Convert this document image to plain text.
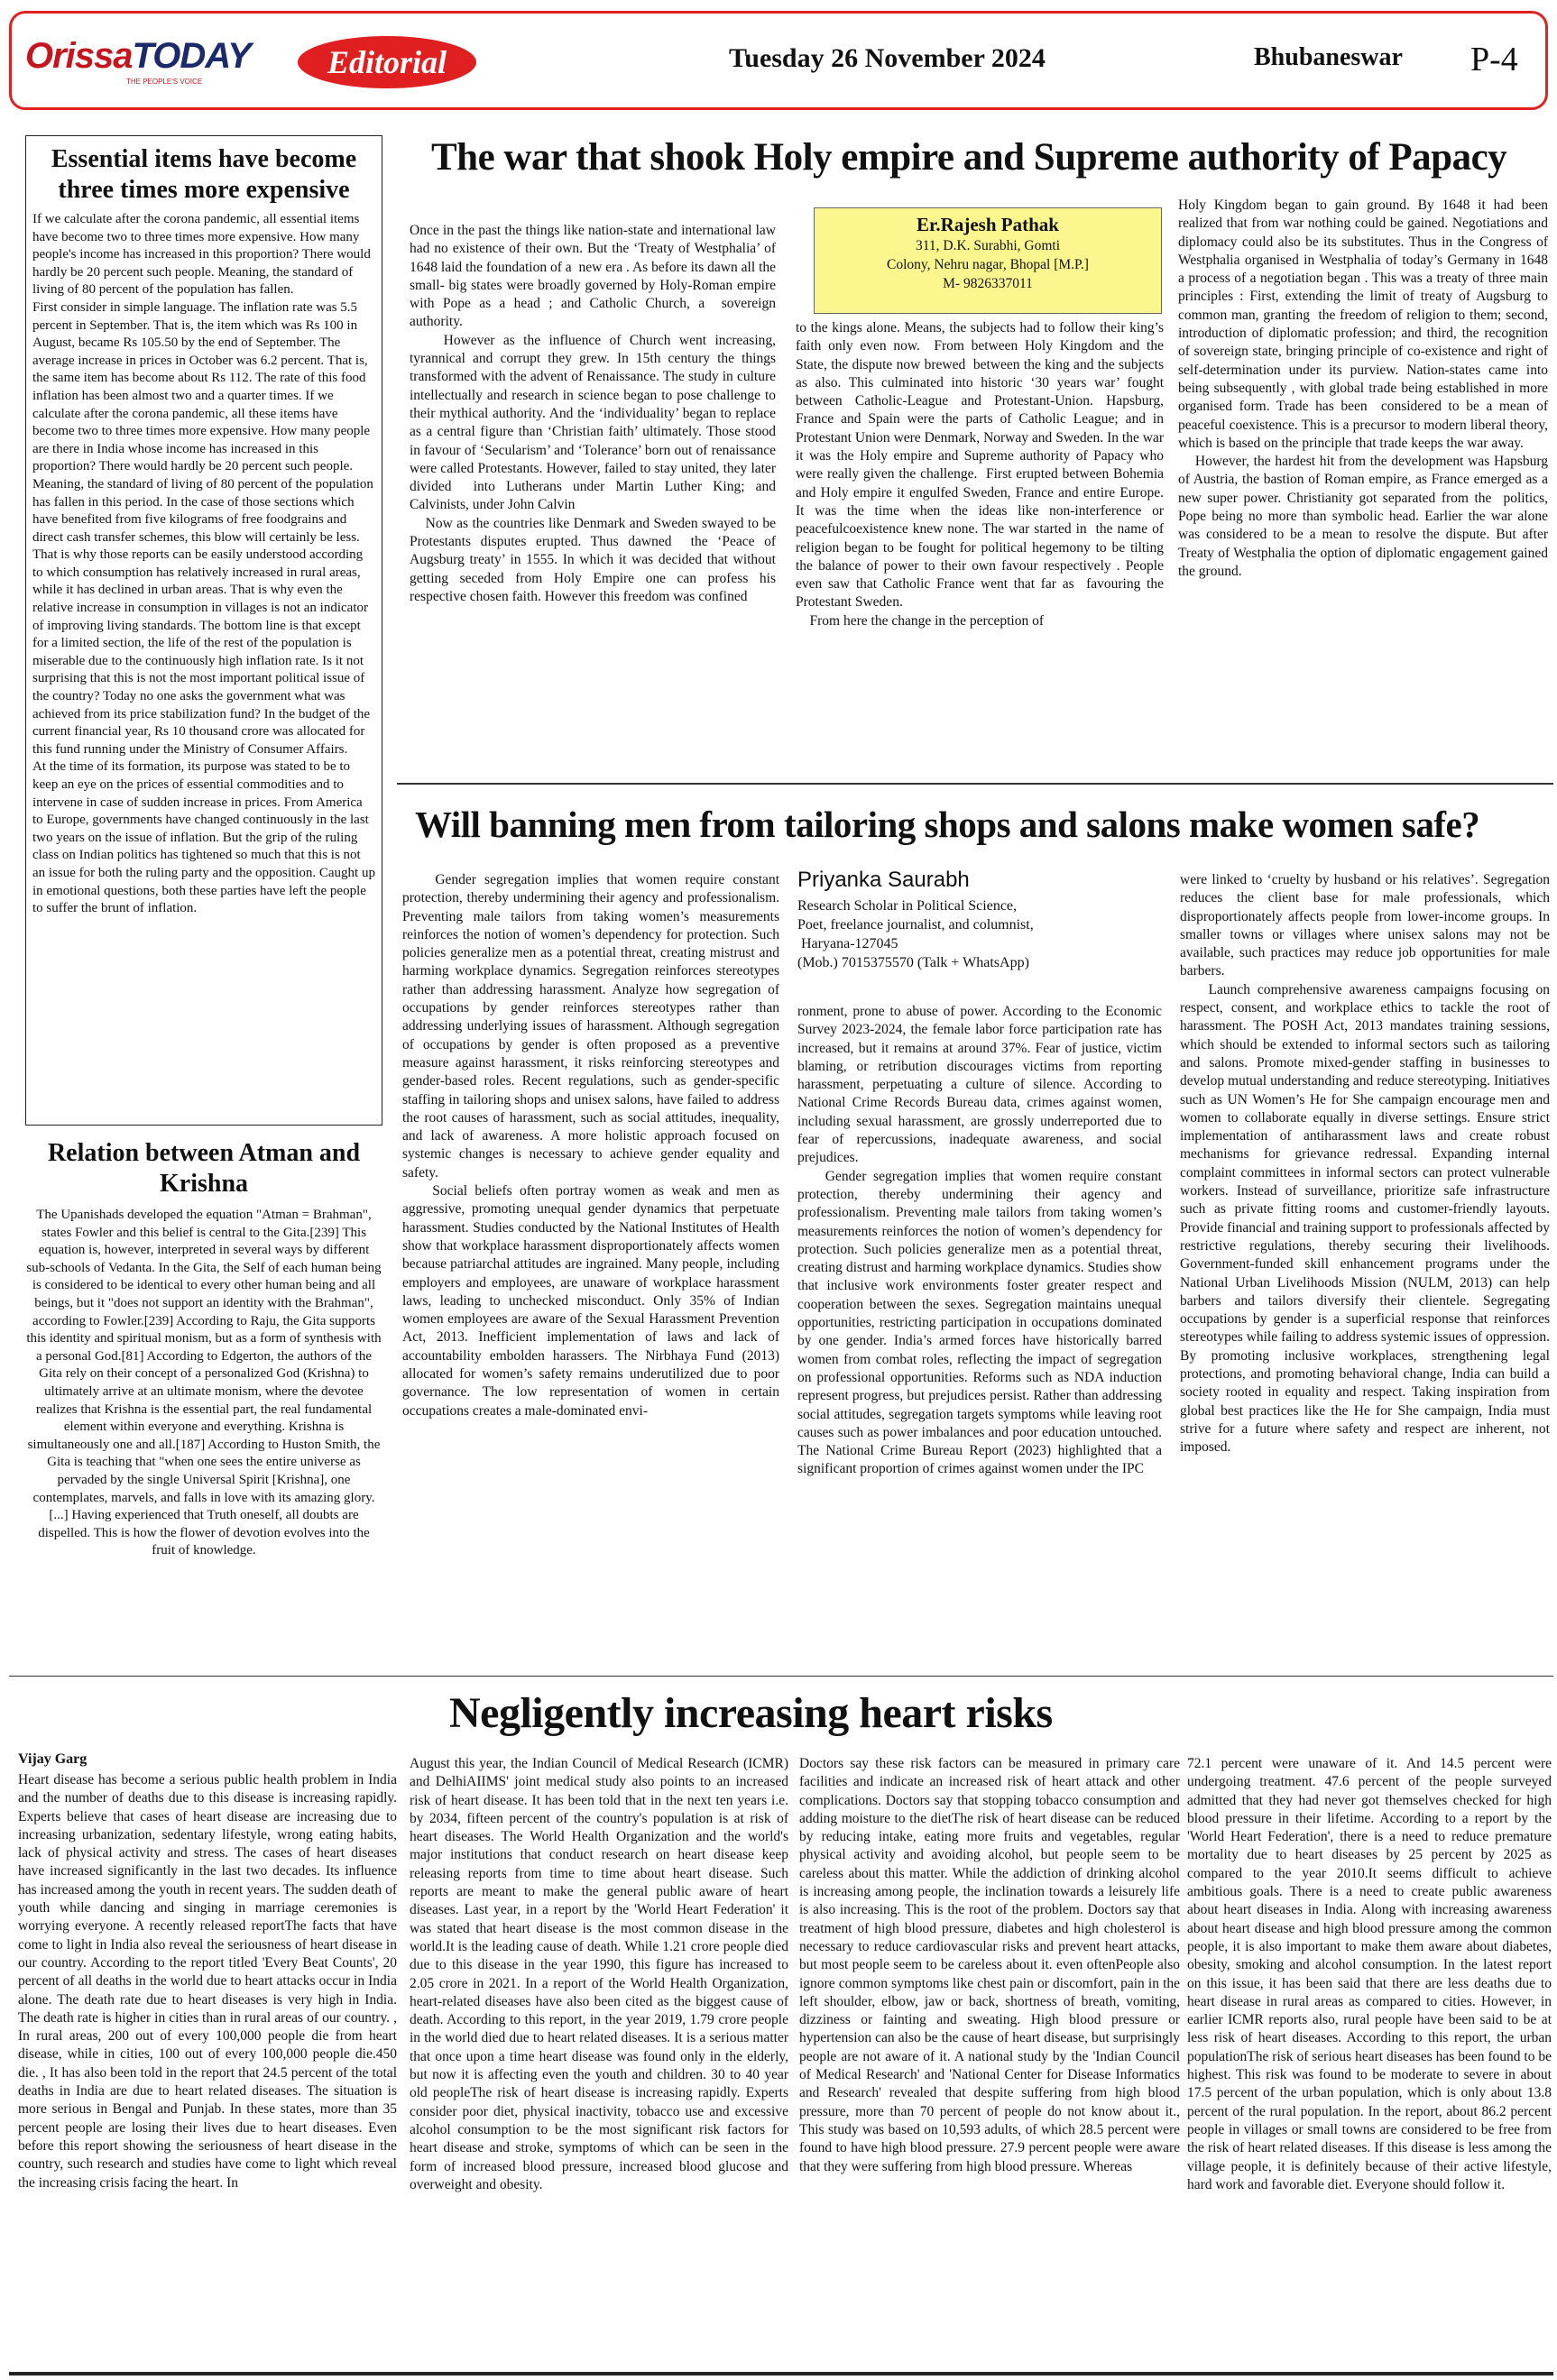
OrissaTODAY
THE PEOPLE'S VOICE
Editorial	Tuesday 26 November 2024	Bhubaneswar P-4
Essential items have become three times more expensive

If we calculate after the corona pandemic, all essential items have become two to three times more expensive. How many people's income has increased in this proportion? There would hardly be 20 percent such people. Meaning, the standard of living of 80 percent of the population has fallen.
First consider in simple language. The inflation rate was 5.5 percent in September. That is, the item which was Rs 100 in August, became Rs 105.50 by the end of September. The average increase in prices in October was 6.2 percent. That is, the same item has become about Rs 112. The rate of this food inflation has been almost two and a quarter times. If we calculate after the corona pandemic, all these items have become two to three times more expensive. How many people are there in India whose income has increased in this proportion? There would hardly be 20 percent such people. Meaning, the standard of living of 80 percent of the population has fallen in this period. In the case of those sections which have benefited from five kilograms of free foodgrains and direct cash transfer schemes, this blow will certainly be less.
That is why those reports can be easily understood according to which consumption has relatively increased in rural areas, while it has declined in urban areas. That is why even the relative increase in consumption in villages is not an indicator of improving living standards. The bottom line is that except for a limited section, the life of the rest of the population is miserable due to the continuously high inflation rate. Is it not surprising that this is not the most important political issue of the country? Today no one asks the government what was achieved from its price stabilization fund? In the budget of the current financial year, Rs 10 thousand crore was allocated for this fund running under the Ministry of Consumer Affairs.
At the time of its formation, its purpose was stated to be to keep an eye on the prices of essential commodities and to intervene in case of sudden increase in prices. From America to Europe, governments have changed continuously in the last two years on the issue of inflation. But the grip of the ruling class on Indian politics has tightened so much that this is not an issue for both the ruling party and the opposition. Caught up in emotional questions, both these parties have left the people to suffer the brunt of inflation.

Relation between Atman and Krishna

The Upanishads developed the equation "Atman = Brahman", states Fowler and this belief is central to the Gita.[239] This equation is, however, interpreted in several ways by different sub-schools of Vedanta. In the Gita, the Self of each human being is considered to be identical to every other human being and all beings, but it "does not support an identity with the Brahman", according to Fowler.[239] According to Raju, the Gita supports this identity and spiritual monism, but as a form of synthesis with a personal God.[81] According to Edgerton, the authors of the Gita rely on their concept of a personalized God (Krishna) to ultimately arrive at an ultimate monism, where the devotee realizes that Krishna is the essential part, the real fundamental element within everyone and everything. Krishna is simultaneously one and all.[187] According to Huston Smith, the Gita is teaching that "when one sees the entire universe as pervaded by the single Universal Spirit [Krishna], one contemplates, marvels, and falls in love with its amazing glory. [...] Having experienced that Truth oneself, all doubts are dispelled. This is how the flower of devotion evolves into the fruit of knowledge.

The war that shook Holy empire and Supreme authority of Papacy
Er.Rajesh Pathak
311, D.K. Surabhi, Gomti
Colony, Nehru nagar, Bhopal [M.P.]
M- 9826337011

Once in the past the things like nation-state and international law had no existence of their own. But the ‘Treaty of Westphalia’ of 1648 laid the foundation of a  new era . As before its dawn all the small- big states were broadly governed by Holy-Roman empire with Pope as a head ; and Catholic Church, a  sovereign authority.
However as the influence of Church went increasing, tyrannical and corrupt they grew. In 15th century the things transformed with the advent of Renaissance. The study in culture intellectually and research in science began to pose challenge to their mythical authority. And the ‘individuality’ began to replace  as a central figure than ‘Christian faith’ ultimately. Those stood in favour of ‘Secularism’ and ‘Tolerance’ born out of renaissance were called Protestants. However, failed to stay united, they later divided  into Lutherans under Martin Luther King; and Calvinists, under John Calvin
Now as the countries like Denmark and Sweden swayed to be Protestants disputes erupted. Thus dawned  the ‘Peace of Augsburg treaty’ in 1555. In which it was decided that without getting seceded from Holy Empire one can profess his  respective chosen faith. However this freedom was confined

to the kings alone. Means, the subjects had to follow their king’s faith only even now.  From between Holy Kingdom and the State, the dispute now brewed  between the king and the subjects as also. This culminated into historic ‘30 years war’ fought between Catholic-League and Protestant-Union. Hapsburg, France and Spain were the parts of Catholic League; and in Protestant Union were Denmark, Norway and Sweden. In the war it was the Holy empire and Supreme authority of Papacy who were really given the challenge.  First erupted between Bohemia and Holy empire it engulfed Sweden, France and entire Europe. It was the time when the ideas like non-interference or peacefulcoexistence knew none. The war started in  the name of religion began to be fought for political hegemony to be tilting the balance of power to their own favour respectively . People even saw that Catholic France went that far as  favouring the Protestant Sweden.
From here the change in the perception of

Holy Kingdom began to gain ground. By 1648 it had been realized that from war nothing could be gained. Negotiations and diplomacy could also be its substitutes. Thus in the Congress of Westphalia organised in Westphalia of today’s Germany in 1648  a process of a negotiation began . This was a treaty of three main principles : First, extending the limit of treaty of Augsburg to common man, granting  the freedom of religion to them; second, introduction of diplomatic profession; and third, the recognition of sovereign state, bringing principle of co-existence and right of self-determination under its purview. Nation-states came into being subsequently , with global trade being established in more organised form. Trade has been  considered to be a mean of peaceful coexistence. This is a precursor to modern liberal theory, which is based on the principle that trade keeps the war away.
However, the hardest hit from the development was Hapsburg of Austria, the bastion of Roman empire, as France emerged as a new super power. Christianity got separated from the  politics, Pope being no more than symbolic head. Earlier the war alone was considered to be a mean to resolve the dispute. But after Treaty of Westphalia the option of diplomatic engagement gained the ground.

Will banning men from tailoring shops and salons make women safe?

Gender segregation implies that women require constant protection, thereby undermining their agency and professionalism. Preventing male tailors from taking women’s measurements reinforces the notion of women’s dependency for protection. Such policies generalize men as a potential threat, creating mistrust and harming workplace dynamics. Segregation reinforces stereotypes rather than addressing harassment. Analyze how segregation of occupations by gender reinforces stereotypes rather than addressing underlying issues of harassment. Although segregation of occupations by gender is often proposed as a preventive measure against harassment, it risks reinforcing stereotypes and gender-based roles. Recent regulations, such as gender-specific staffing in tailoring shops and unisex salons, have failed to address the root causes of harassment, such as social attitudes, inequality, and lack of awareness. A more holistic approach focused on systemic changes is necessary to achieve gender equality and safety.
Social beliefs often portray women as weak and men as aggressive, promoting unequal gender dynamics that perpetuate harassment. Studies conducted by the National Institutes of Health show that workplace harassment disproportionately affects women because patriarchal attitudes are ingrained. Many people, including employers and employees, are unaware of workplace harassment laws, leading to unchecked misconduct. Only 35% of Indian women employees are aware of the Sexual Harassment Prevention Act, 2013. Inefficient implementation of laws and lack of accountability embolden harassers. The Nirbhaya Fund (2013) allocated for women’s safety remains underutilized due to poor governance. The low representation of women in certain occupations creates a male-dominated envi-

Priyanka Saurabh
Research Scholar in Political Science,
Poet, freelance journalist, and columnist,
Haryana-127045
(Mob.) 7015375570 (Talk + WhatsApp)

ronment, prone to abuse of power. According to the Economic Survey 2023-2024, the female labor force participation rate has increased, but it remains at around 37%. Fear of justice, victim blaming, or retribution discourages victims from reporting harassment, perpetuating a culture of silence. According to National Crime Records Bureau data, crimes against women, including sexual harassment, are grossly underreported due to fear of repercussions, inadequate awareness, and social prejudices.
Gender segregation implies that women require constant protection, thereby undermining their agency and professionalism. Preventing male tailors from taking women’s measurements reinforces the notion of women’s dependency for protection. Such policies generalize men as a potential threat, creating distrust and harming workplace dynamics. Studies show that inclusive work environments foster greater respect and cooperation between the sexes. Segregation maintains unequal opportunities, restricting participation in occupations dominated by one gender. India’s armed forces have historically barred women from combat roles, reflecting the impact of segregation on professional opportunities. Reforms such as NDA induction represent progress, but prejudices persist. Rather than addressing social attitudes, segregation targets symptoms while leaving root causes such as power imbalances and poor education untouched. The National Crime Bureau Report (2023) highlighted that a significant proportion of crimes against women under the IPC

were linked to ‘cruelty by husband or his relatives’. Segregation reduces the client base for male professionals, which disproportionately affects people from lower-income groups. In smaller towns or villages where unisex salons may not be available, such practices may reduce job opportunities for male barbers.
Launch comprehensive awareness campaigns focusing on respect, consent, and workplace ethics to tackle the root of harassment. The POSH Act, 2013 mandates training sessions, which should be extended to informal sectors such as tailoring and salons. Promote mixed-gender staffing in businesses to develop mutual understanding and reduce stereotyping. Initiatives such as UN Women’s He for She campaign encourage men and women to collaborate equally in diverse settings. Ensure strict implementation of antiharassment laws and create robust mechanisms for grievance redressal. Expanding internal complaint committees in informal sectors can protect vulnerable workers. Instead of surveillance, prioritize safe infrastructure such as private fitting rooms and customer-friendly layouts. Provide financial and training support to professionals affected by restrictive regulations, thereby securing their livelihoods. Government-funded skill enhancement programs under the National Urban Livelihoods Mission (NULM, 2013) can help barbers and tailors diversify their clientele. Segregating occupations by gender is a superficial response that reinforces stereotypes while failing to address systemic issues of oppression. By promoting inclusive workplaces, strengthening legal protections, and promoting behavioral change, India can build a society rooted in equality and respect. Taking inspiration from global best practices like the He for She campaign, India must strive for a future where safety and respect are inherent, not imposed.

Negligently increasing heart risks
Vijay Garg

Heart disease has become a serious public health problem in India and the number of deaths due to this disease is increasing rapidly. Experts believe that cases of heart disease are increasing due to increasing urbanization, sedentary lifestyle, wrong eating habits, lack of physical activity and stress. The cases of heart diseases have increased significantly in the last two decades. Its influence has increased among the youth in recent years. The sudden death of youth while dancing and singing in marriage ceremonies is worrying everyone. A recently released reportThe facts that have come to light in India also reveal the seriousness of heart disease in our country. According to the report titled 'Every Beat Counts', 20 percent of all deaths in the world due to heart attacks occur in India alone. The death rate due to heart diseases is very high in India. The death rate is higher in cities than in rural areas of our country. , In rural areas, 200 out of every 100,000 people die from heart disease, while in cities, 100 out of every 100,000 people die.450 die. , It has also been told in the report that 24.5 percent of the total deaths in India are due to heart related diseases. The situation is more serious in Bengal and Punjab. In these states, more than 35 percent people are losing their lives due to heart diseases. Even before this report showing the seriousness of heart disease in the country, such research and studies have come to light which reveal the increasing crisis facing the heart. In

August this year, the Indian Council of Medical Research (ICMR) and DelhiAIIMS' joint medical study also points to an increased risk of heart disease. It has been told that in the next ten years i.e. by 2034, fifteen percent of the country's population is at risk of heart diseases. The World Health Organization and the world's major institutions that conduct research on heart disease keep releasing reports from time to time about heart disease. Such reports are meant to make the general public aware of heart diseases. Last year, in a report by the 'World Heart Federation' it was stated that heart disease is the most common disease in the world.It is the leading cause of death. While 1.21 crore people died due to this disease in the year 1990, this figure has increased to 2.05 crore in 2021. In a report of the World Health Organization, heart-related diseases have also been cited as the biggest cause of death. According to this report, in the year 2019, 1.79 crore people in the world died due to heart related diseases. It is a serious matter that once upon a time heart disease was found only in the elderly, but now it is affecting even the youth and children. 30 to 40 year old peopleThe risk of heart disease is increasing rapidly. Experts consider poor diet, physical inactivity, tobacco use and excessive alcohol consumption to be the most significant risk factors for heart disease and stroke, symptoms of which can be seen in the form of increased blood pressure, increased blood glucose and overweight and obesity.

Doctors say these risk factors can be measured in primary care facilities and indicate an increased risk of heart attack and other complications. Doctors say that stopping tobacco consumption and adding moisture to the dietThe risk of heart disease can be reduced by reducing intake, eating more fruits and vegetables, regular physical activity and avoiding alcohol, but people seem to be careless about this matter. While the addiction of drinking alcohol is increasing among people, the inclination towards a leisurely life is also increasing. This is the root of the problem. Doctors say that treatment of high blood pressure, diabetes and high cholesterol is necessary to reduce cardiovascular risks and prevent heart attacks, but most people seem to be careless about it. even oftenPeople also ignore common symptoms like chest pain or discomfort, pain in the left shoulder, elbow, jaw or back, shortness of breath, vomiting, dizziness or fainting and sweating. High blood pressure or hypertension can also be the cause of heart disease, but surprisingly people are not aware of it. A national study by the 'Indian Council of Medical Research' and 'National Center for Disease Informatics and Research' revealed that despite suffering from high blood pressure, more than 70 percent of people do not know about it., This study was based on 10,593 adults, of which 28.5 percent were found to have high blood pressure. 27.9 percent people were aware that they were suffering from high blood pressure. Whereas

72.1 percent were unaware of it. And 14.5 percent were undergoing treatment. 47.6 percent of the people surveyed admitted that they had never got themselves checked for high blood pressure in their lifetime. According to a report by the 'World Heart Federation', there is a need to reduce premature mortality due to heart diseases by 25 percent by 2025 as compared to the year 2010.It seems difficult to achieve ambitious goals. There is a need to create public awareness about heart diseases in India. Along with increasing awareness about heart disease and high blood pressure among the common people, it is also important to make them aware about diabetes, obesity, smoking and alcohol consumption. In the latest report on this issue, it has been said that there are less deaths due to heart disease in rural areas as compared to cities. However, in earlier ICMR reports also, rural people have been said to be at less risk of heart diseases. According to this report, the urban populationThe risk of serious heart diseases has been found to be highest. This risk was found to be moderate to severe in about 17.5 percent of the urban population, which is only about 13.8 percent of the rural population. In the report, about 86.2 percent people in villages or small towns are considered to be free from the risk of heart related diseases. If this disease is less among the village people, it is definitely because of their active lifestyle, hard work and favorable diet. Everyone should follow it.
